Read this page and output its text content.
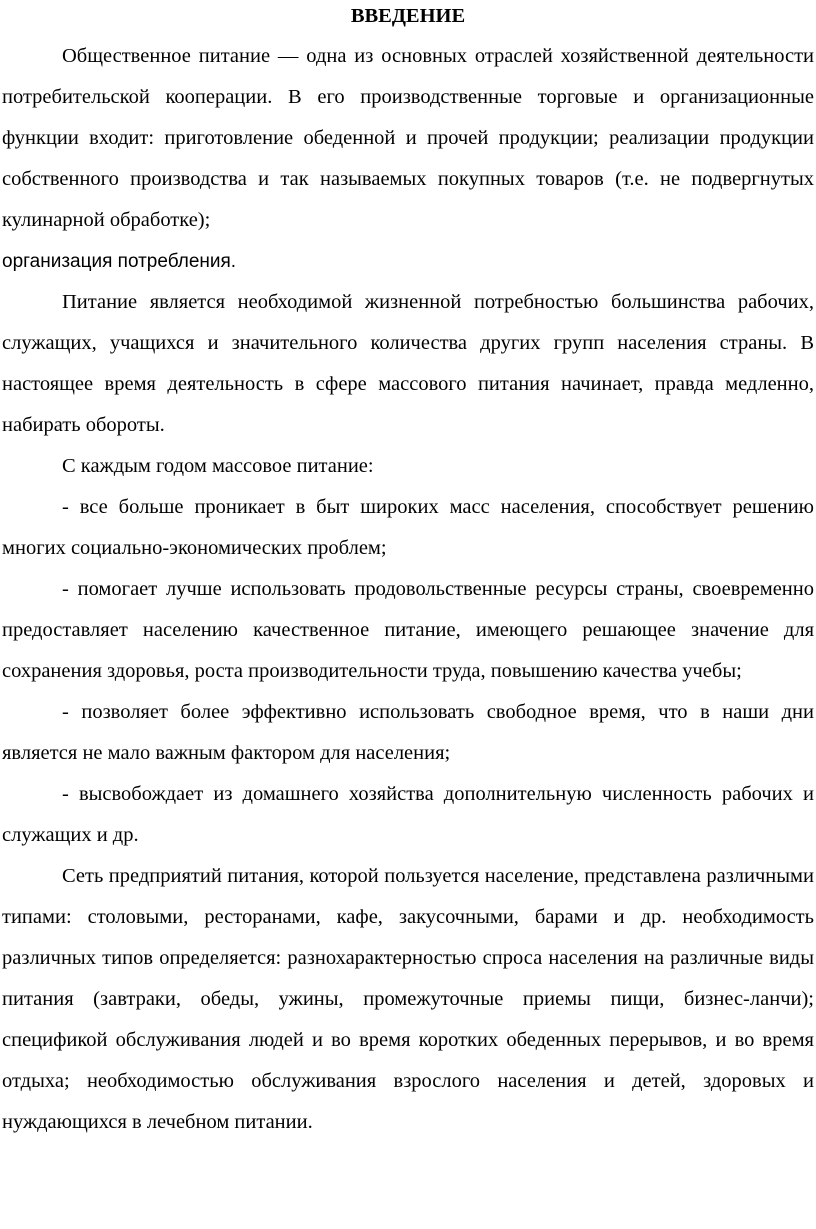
ВВЕДЕНИЕ

Общественное питание — одна из основных отраслей хозяйственной деятельности потребительской кооперации. В его производственные торговые и организационные функции входит: приготовление обеденной и прочей продукции; реализации продукции собственного производства и так называемых покупных товаров (т.е. не подвергнутых кулинарной обработке);

организация потребления.

Питание является необходимой жизненной потребностью большинства рабочих, служащих, учащихся и значительного количества других групп населения страны. В настоящее время деятельность в сфере массового питания начинает, правда медленно, набирать обороты.

С каждым годом массовое питание:

- все больше проникает в быт широких масс населения, способствует решению многих социально-экономических проблем;

- помогает лучше использовать продовольственные ресурсы страны, своевременно предоставляет населению качественное питание, имеющего решающее значение для сохранения здоровья, роста производительности труда, повышению качества учебы;

- позволяет более эффективно использовать свободное время, что в наши дни является не мало важным фактором для населения;

- высвобождает из домашнего хозяйства дополнительную численность рабочих и служащих и др.

Сеть предприятий питания, которой пользуется население, представлена различными типами: столовыми, ресторанами, кафе, закусочными, барами и др. необходимость различных типов определяется: разнохарактерностью спроса населения на различные виды питания (завтраки, обеды, ужины, промежуточные приемы пищи, бизнес-ланчи); спецификой обслуживания людей и во время коротких обеденных перерывов, и во время отдыха; необходимостью обслуживания взрослого населения и детей, здоровых и нуждающихся в лечебном питании.
